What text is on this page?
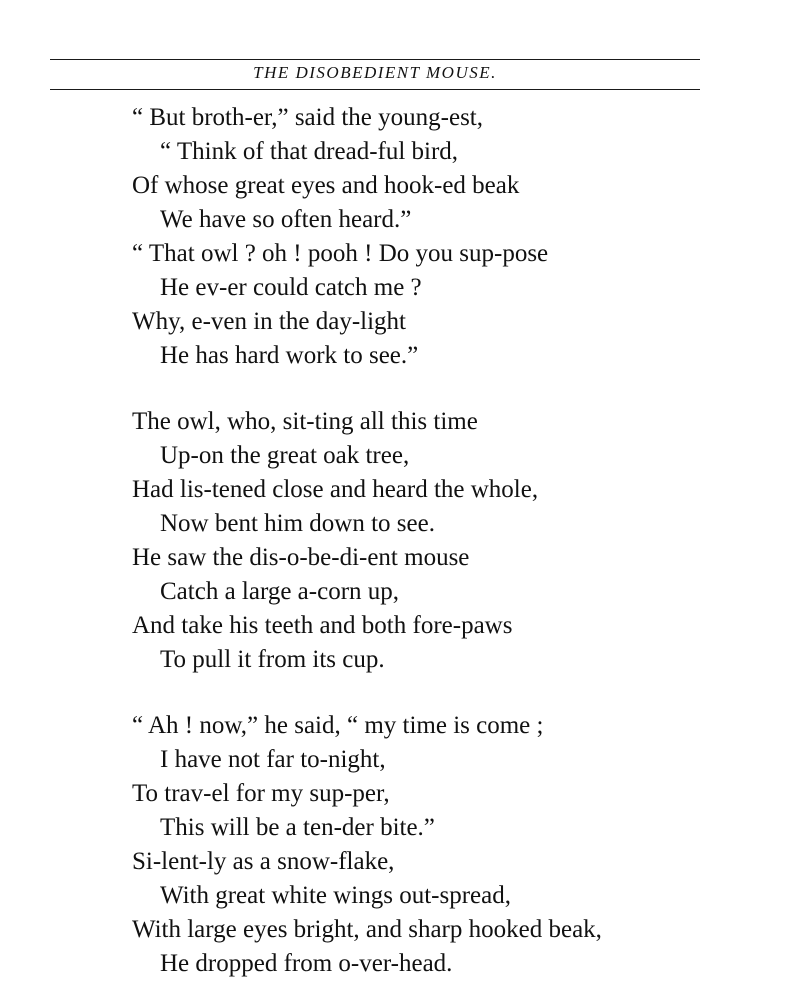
THE DISOBEDIENT MOUSE.
“ But broth-er,” said the young-est,
“ Think of that dread-ful bird,
Of whose great eyes and hook-ed beak
We have so often heard.”
“ That owl ? oh ! pooh ! Do you sup-pose
He ev-er could catch me ?
Why, e-ven in the day-light
He has hard work to see.”
The owl, who, sit-ting all this time
Up-on the great oak tree,
Had lis-tened close and heard the whole,
Now bent him down to see.
He saw the dis-o-be-di-ent mouse
Catch a large a-corn up,
And take his teeth and both fore-paws
To pull it from its cup.
“ Ah ! now,” he said, “ my time is come ;
I have not far to-night,
To trav-el for my sup-per,
This will be a ten-der bite.”
Si-lent-ly as a snow-flake,
With great white wings out-spread,
With large eyes bright, and sharp hooked beak,
He dropped from o-ver-head.
